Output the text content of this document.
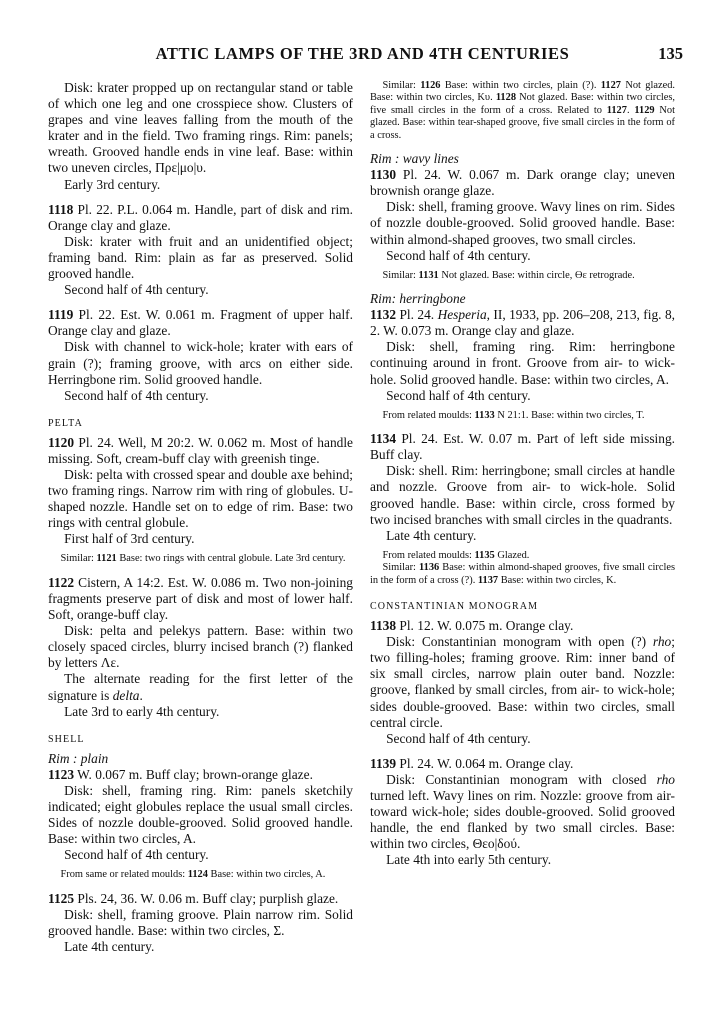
ATTIC LAMPS OF THE 3RD AND 4TH CENTURIES	135

Disk: krater propped up on rectangular stand or table of which one leg and one crosspiece show. Clusters of grapes and vine leaves falling from the mouth of the krater and in the field. Two framing rings. Rim: panels; wreath. Grooved handle ends in vine leaf. Base: within two uneven circles, Πρε|μο|υ.

Early 3rd century.

1118 Pl. 22. P.L. 0.064 m. Handle, part of disk and rim. Orange clay and glaze.

Disk: krater with fruit and an unidentified object; framing band. Rim: plain as far as preserved. Solid grooved handle.

Second half of 4th century.

1119 Pl. 22. Est. W. 0.061 m. Fragment of upper half. Orange clay and glaze.

Disk with channel to wick-hole; krater with ears of grain (?); framing groove, with arcs on either side. Herringbone rim. Solid grooved handle.

Second half of 4th century.

PELTA

1120 Pl. 24. Well, M 20:2. W. 0.062 m. Most of handle missing. Soft, cream-buff clay with greenish tinge.

Disk: pelta with crossed spear and double axe behind; two framing rings. Narrow rim with ring of globules. U-shaped nozzle. Handle set on to edge of rim. Base: two rings with central globule.

First half of 3rd century.

Similar: 1121 Base: two rings with central globule. Late 3rd century.

1122 Cistern, A 14:2. Est. W. 0.086 m. Two non-joining fragments preserve part of disk and most of lower half. Soft, orange-buff clay.

Disk: pelta and pelekys pattern. Base: within two closely spaced circles, blurry incised branch (?) flanked by letters Λε.

The alternate reading for the first letter of the signature is delta.

Late 3rd to early 4th century.

SHELL

Rim : plain

1123 W. 0.067 m. Buff clay; brown-orange glaze.

Disk: shell, framing ring. Rim: panels sketchily indicated; eight globules replace the usual small circles. Sides of nozzle double-grooved. Solid grooved handle. Base: within two circles, A.

Second half of 4th century.

From same or related moulds: 1124 Base: within two circles, A.

1125 Pls. 24, 36. W. 0.06 m. Buff clay; purplish glaze.

Disk: shell, framing groove. Plain narrow rim. Solid grooved handle. Base: within two circles, Σ.

Late 4th century.

Similar: 1126 Base: within two circles, plain (?). 1127 Not glazed. Base: within two circles, Κυ. 1128 Not glazed. Base: within two circles, five small circles in the form of a cross. Related to 1127. 1129 Not glazed. Base: within tear-shaped groove, five small circles in the form of a cross.

Rim : wavy lines

1130 Pl. 24. W. 0.067 m. Dark orange clay; uneven brownish orange glaze.

Disk: shell, framing groove. Wavy lines on rim. Sides of nozzle double-grooved. Solid grooved handle. Base: within almond-shaped grooves, two small circles.

Second half of 4th century.

Similar: 1131 Not glazed. Base: within circle, ϴε retrograde.

Rim: herringbone

1132 Pl. 24. Hesperia, II, 1933, pp. 206–208, 213, fig. 8, 2. W. 0.073 m. Orange clay and glaze.

Disk: shell, framing ring. Rim: herringbone continuing around in front. Groove from air- to wick-hole. Solid grooved handle. Base: within two circles, A.

Second half of 4th century.

From related moulds: 1133 N 21:1. Base: within two circles, T.

1134 Pl. 24. Est. W. 0.07 m. Part of left side missing. Buff clay.

Disk: shell. Rim: herringbone; small circles at handle and nozzle. Groove from air- to wick-hole. Solid grooved handle. Base: within circle, cross formed by two incised branches with small circles in the quadrants.

Late 4th century.

From related moulds: 1135 Glazed.

Similar: 1136 Base: within almond-shaped grooves, five small circles in the form of a cross (?). 1137 Base: within two circles, K.

CONSTANTINIAN MONOGRAM

1138 Pl. 12. W. 0.075 m. Orange clay.

Disk: Constantinian monogram with open (?) rho; two filling-holes; framing groove. Rim: inner band of six small circles, narrow plain outer band. Nozzle: groove, flanked by small circles, from air- to wick-hole; sides double-grooved. Base: within two circles, small central circle.

Second half of 4th century.

1139 Pl. 24. W. 0.064 m. Orange clay.

Disk: Constantinian monogram with closed rho turned left. Wavy lines on rim. Nozzle: groove from air- toward wick-hole; sides double-grooved. Solid grooved handle, the end flanked by two small circles. Base: within two circles, Θεο|δού.

Late 4th into early 5th century.
